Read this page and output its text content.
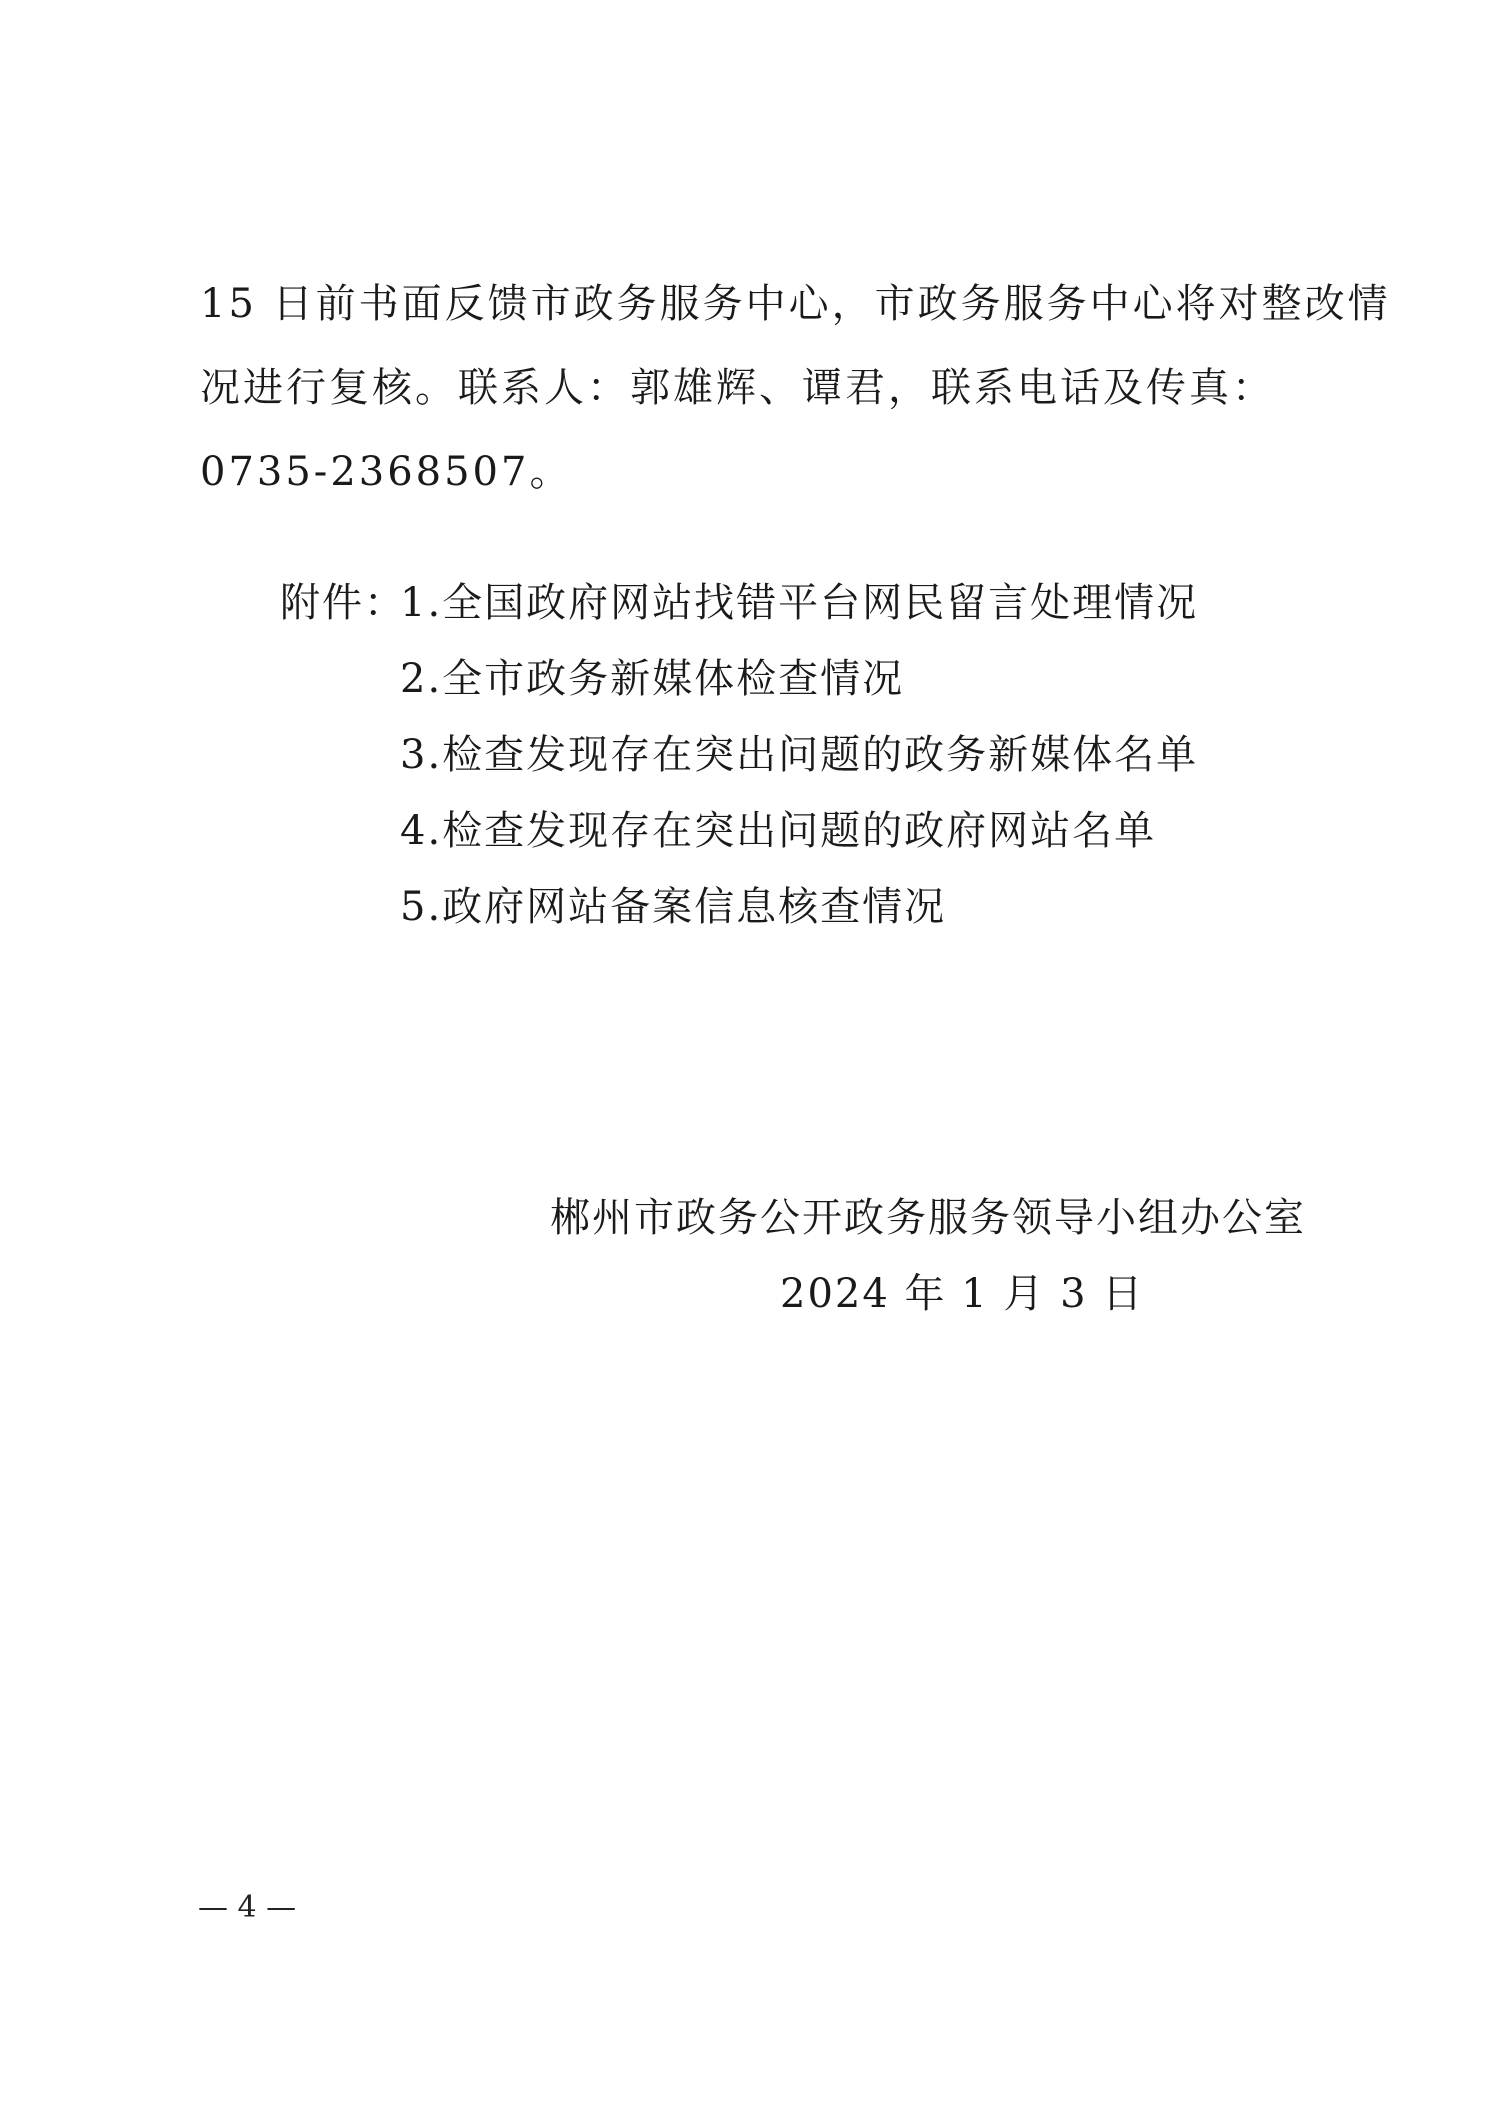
15 日前书面反馈市政务服务中心，市政务服务中心将对整改情
况进行复核。联系人：郭雄辉、谭君，联系电话及传真：
0735-2368507。
附件：1.全国政府网站找错平台网民留言处理情况
2.全市政务新媒体检查情况
3.检查发现存在突出问题的政务新媒体名单
4.检查发现存在突出问题的政府网站名单
5.政府网站备案信息核查情况
郴州市政务公开政务服务领导小组办公室
2024 年 1 月 3 日
— 4 —
